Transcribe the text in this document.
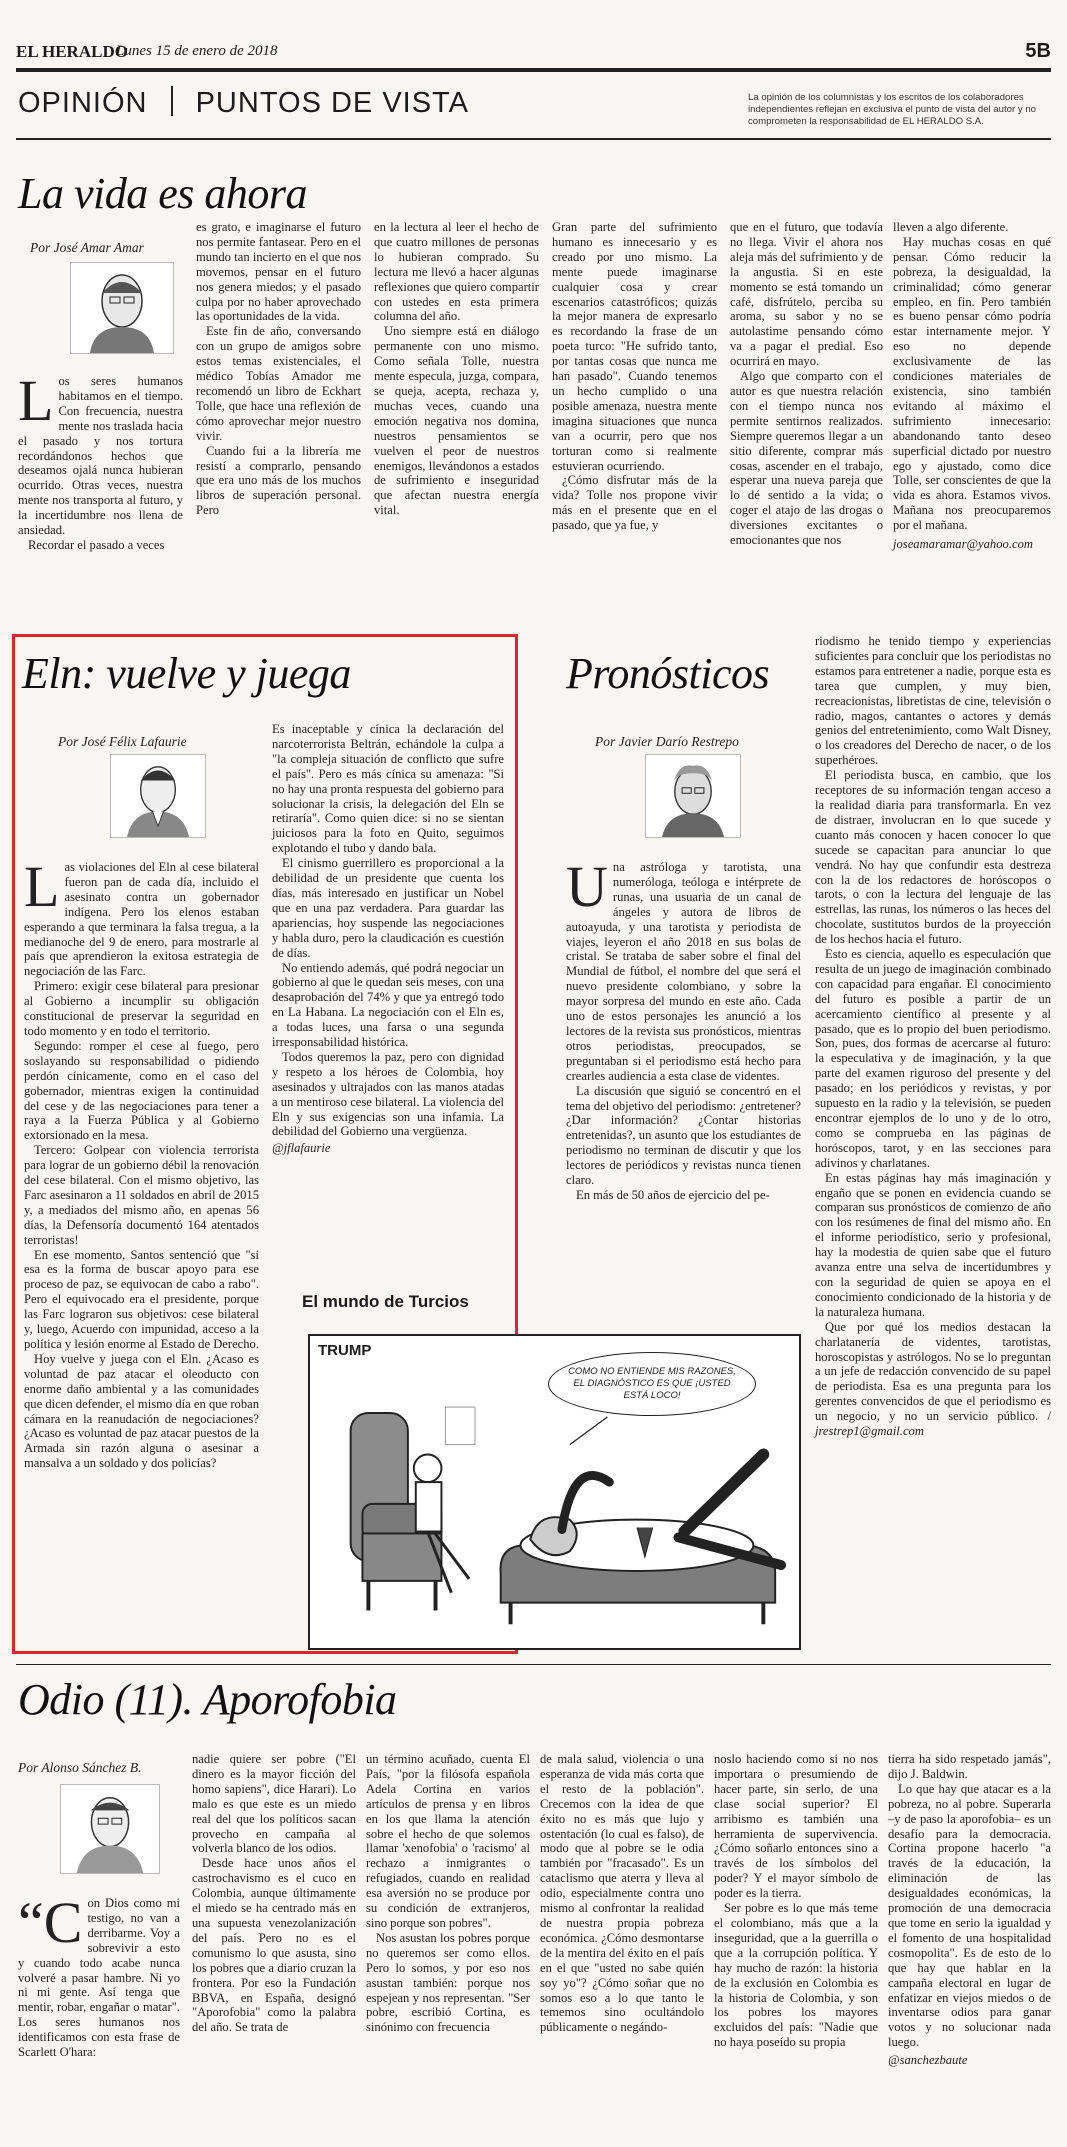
EL HERALDO
Lunes 15 de enero de 2018	5B
OPINIÓN PUNTOS DE VISTA	La opinión de los columnistas y los escritos de los colaboradores independientes reflejan en exclusiva el punto de vista del autor y no comprometen la responsabilidad de EL HERALDO S.A.
La vida es ahora
Por José Amar Amar

Los seres humanos habitamos en el tiempo. Con frecuencia, nuestra mente nos traslada hacia el pasado y nos tortura recordándonos hechos que deseamos ojalá nunca hubieran ocurrido. Otras veces, nuestra mente nos transporta al futuro, y la incertidumbre nos llena de ansiedad.

Recordar el pasado a veces

es grato, e imaginarse el futuro nos permite fantasear. Pero en el mundo tan incierto en el que nos movemos, pensar en el futuro nos genera miedos; y el pasado culpa por no haber aprovechado las oportunidades de la vida.

Este fin de año, conversando con un grupo de amigos sobre estos temas existenciales, el médico Tobías Amador me recomendó un libro de Eckhart Tolle, que hace una reflexión de cómo aprovechar mejor nuestro vivir.

Cuando fui a la librería me resistí a comprarlo, pensando que era uno más de los muchos libros de superación personal. Pero

en la lectura al leer el hecho de que cuatro millones de personas lo hubieran comprado. Su lectura me llevó a hacer algunas reflexiones que quiero compartir con ustedes en esta primera columna del año.

Uno siempre está en diálogo permanente con uno mismo. Como señala Tolle, nuestra mente especula, juzga, compara, se queja, acepta, rechaza y, muchas veces, cuando una emoción negativa nos domina, nuestros pensamientos se vuelven el peor de nuestros enemigos, llevándonos a estados de sufrimiento e inseguridad que afectan nuestra energía vital.

Gran parte del sufrimiento humano es innecesario y es creado por uno mismo. La mente puede imaginarse cualquier cosa y crear escenarios catastróficos; quizás la mejor manera de expresarlo es recordando la frase de un poeta turco: "He sufrido tanto, por tantas cosas que nunca me han pasado". Cuando tenemos un hecho cumplido o una posible amenaza, nuestra mente imagina situaciones que nunca van a ocurrir, pero que nos torturan como si realmente estuvieran ocurriendo.

¿Cómo disfrutar más de la vida? Tolle nos propone vivir más en el presente que en el pasado, que ya fue, y

que en el futuro, que todavía no llega. Vivir el ahora nos aleja más del sufrimiento y de la angustia. Si en este momento se está tomando un café, disfrútelo, perciba su aroma, su sabor y no se autolastime pensando cómo va a pagar el predial. Eso ocurrirá en mayo.

Algo que comparto con el autor es que nuestra relación con el tiempo nunca nos permite sentirnos realizados. Siempre queremos llegar a un sitio diferente, comprar más cosas, ascender en el trabajo, esperar una nueva pareja que lo dé sentido a la vida; o coger el atajo de las drogas o diversiones excitantes o emocionantes que nos

lleven a algo diferente.

Hay muchas cosas en qué pensar. Cómo reducir la pobreza, la desigualdad, la criminalidad; cómo generar empleo, en fin. Pero también es bueno pensar cómo podría estar internamente mejor. Y eso no depende exclusivamente de las condiciones materiales de existencia, sino también evitando al máximo el sufrimiento innecesario: abandonando tanto deseo superficial dictado por nuestro ego y ajustado, como dice Tolle, ser conscientes de que la vida es ahora. Estamos vivos. Mañana nos preocuparemos por el mañana.

joseamaramar@yahoo.com

Eln: vuelve y juega
Por José Félix Lafaurie

Las violaciones del Eln al cese bilateral fueron pan de cada día, incluido el asesinato contra un gobernador indígena. Pero los elenos estaban esperando a que terminara la falsa tregua, a la medianoche del 9 de enero, para mostrarle al país que aprendieron la exitosa estrategia de negociación de las Farc.

Primero: exigir cese bilateral para presionar al Gobierno a incumplir su obligación constitucional de preservar la seguridad en todo momento y en todo el territorio.

Segundo: romper el cese al fuego, pero soslayando su responsabilidad o pidiendo perdón cínicamente, como en el caso del gobernador, mientras exigen la continuidad del cese y de las negociaciones para tener a raya a la Fuerza Pública y al Gobierno extorsionado en la mesa.

Tercero: Golpear con violencia terrorista para lograr de un gobierno débil la renovación del cese bilateral. Con el mismo objetivo, las Farc asesinaron a 11 soldados en abril de 2015 y, a mediados del mismo año, en apenas 56 días, la Defensoría documentó 164 atentados terroristas!

En ese momento, Santos sentenció que "si esa es la forma de buscar apoyo para ese proceso de paz, se equivocan de cabo a rabo". Pero el equivocado era el presidente, porque las Farc lograron sus objetivos: cese bilateral y, luego, Acuerdo con impunidad, acceso a la política y lesión enorme al Estado de Derecho.

Hoy vuelve y juega con el Eln. ¿Acaso es voluntad de paz atacar el oleoducto con enorme daño ambiental y a las comunidades que dicen defender, el mismo día en que roban cámara en la reanudación de negociaciones? ¿Acaso es voluntad de paz atacar puestos de la Armada sin razón alguna o asesinar a mansalva a un soldado y dos policías?

Es inaceptable y cínica la declaración del narcoterrorista Beltrán, echándole la culpa a "la compleja situación de conflicto que sufre el país". Pero es más cínica su amenaza: "Si no hay una pronta respuesta del gobierno para solucionar la crisis, la delegación del Eln se retiraría". Como quien dice: si no se sientan juiciosos para la foto en Quito, seguimos explotando el tubo y dando bala.

El cinismo guerrillero es proporcional a la debilidad de un presidente que cuenta los días, más interesado en justificar un Nobel que en una paz verdadera. Para guardar las apariencias, hoy suspende las negociaciones y habla duro, pero la claudicación es cuestión de días.

No entiendo además, qué podrá negociar un gobierno al que le quedan seis meses, con una desaprobación del 74% y que ya entregó todo en La Habana. La negociación con el Eln es, a todas luces, una farsa o una segunda irresponsabilidad histórica.

Todos queremos la paz, pero con dignidad y respeto a los héroes de Colombia, hoy asesinados y ultrajados con las manos atadas a un mentiroso cese bilateral. La violencia del Eln y sus exigencias son una infamia. La debilidad del Gobierno una vergüenza.

@jflafaurie

Pronósticos
Por Javier Darío Restrepo

Una astróloga y tarotista, una numeróloga, teóloga e intérprete de runas, una usuaria de un canal de ángeles y autora de libros de autoayuda, y una tarotista y periodista de viajes, leyeron el año 2018 en sus bolas de cristal. Se trataba de saber sobre el final del Mundial de fútbol, el nombre del que será el nuevo presidente colombiano, y sobre la mayor sorpresa del mundo en este año. Cada uno de estos personajes les anunció a los lectores de la revista sus pronósticos, mientras otros periodistas, preocupados, se preguntaban si el periodismo está hecho para crearles audiencia a esta clase de videntes.

La discusión que siguió se concentró en el tema del objetivo del periodismo: ¿entretener? ¿Dar información? ¿Contar historias entretenidas?, un asunto que los estudiantes de periodismo no terminan de discutir y que los lectores de periódicos y revistas nunca tienen claro.

En más de 50 años de ejercicio del pe-

riodismo he tenido tiempo y experiencias suficientes para concluir que los periodistas no estamos para entretener a nadie, porque esta es tarea que cumplen, y muy bien, recreacionistas, libretistas de cine, televisión o radio, magos, cantantes o actores y demás genios del entretenimiento, como Walt Disney, o los creadores del Derecho de nacer, o de los superhéroes.

El periodista busca, en cambio, que los receptores de su información tengan acceso a la realidad diaria para transformarla. En vez de distraer, involucran en lo que sucede y cuanto más conocen y hacen conocer lo que sucede se capacitan para anunciar lo que vendrá. No hay que confundir esta destreza con la de los redactores de horóscopos o tarots, o con la lectura del lenguaje de las estrellas, las runas, los números o las heces del chocolate, sustitutos burdos de la proyección de los hechos hacia el futuro.

Esto es ciencia, aquello es especulación que resulta de un juego de imaginación combinado con capacidad para engañar. El conocimiento del futuro es posible a partir de un acercamiento científico al presente y al pasado, que es lo propio del buen periodismo. Son, pues, dos formas de acercarse al futuro: la especulativa y de imaginación, y la que parte del examen riguroso del presente y del pasado; en los periódicos y revistas, y por supuesto en la radio y la televisión, se pueden encontrar ejemplos de lo uno y de lo otro, como se comprueba en las páginas de horóscopos, tarot, y en las secciones para adivinos y charlatanes.

En estas páginas hay más imaginación y engaño que se ponen en evidencia cuando se comparan sus pronósticos de comienzo de año con los resúmenes de final del mismo año. En el informe periodístico, serio y profesional, hay la modestia de quien sabe que el futuro avanza entre una selva de incertidumbres y con la seguridad de quien se apoya en el conocimiento condicionado de la historia y de la naturaleza humana.

Que por qué los medios destacan la charlatanería de videntes, tarotistas, horoscopistas y astrólogos. No se lo preguntan a un jefe de redacción convencido de su papel de periodista. Esa es una pregunta para los gerentes convencidos de que el periodismo es un negocio, y no un servicio público. / jrestrep1@gmail.com

El mundo de Turcios
TRUMP
COMO NO ENTIENDE MIS RAZONES, EL DIAGNÓSTICO ES QUE ¡USTED ESTÁ LOCO!
Odio (11). Aporofobia
Por Alonso Sánchez B.

“Con Dios como mi testigo, no van a derribarme. Voy a sobrevivir a esto y cuando todo acabe nunca volveré a pasar hambre. Ni yo ni mi gente. Así tenga que mentir, robar, engañar o matar". Los seres humanos nos identificamos con esta frase de Scarlett O'hara:

nadie quiere ser pobre ("El dinero es la mayor ficción del homo sapiens", dice Harari). Lo malo es que este es un miedo real del que los políticos sacan provecho en campaña al volverla blanco de los odios.

Desde hace unos años el castrochavismo es el cuco en Colombia, aunque últimamente el miedo se ha centrado más en una supuesta venezolanización del país. Pero no es el comunismo lo que asusta, sino los pobres que a diario cruzan la frontera. Por eso la Fundación BBVA, en España, designó "Aporofobia" como la palabra del año. Se trata de

un término acuñado, cuenta El País, "por la filósofa española Adela Cortina en varios artículos de prensa y en libros en los que llama la atención sobre el hecho de que solemos llamar 'xenofobia' o 'racismo' al rechazo a inmigrantes o refugiados, cuando en realidad esa aversión no se produce por su condición de extranjeros, sino porque son pobres".

Nos asustan los pobres porque no queremos ser como ellos. Pero lo somos, y por eso nos asustan también: porque nos espejean y nos representan. "Ser pobre, escribió Cortina, es sinónimo con frecuencia

de mala salud, violencia o una esperanza de vida más corta que el resto de la población". Crecemos con la idea de que éxito no es más que lujo y ostentación (lo cual es falso), de modo que al pobre se le odia también por "fracasado". Es un cataclismo que aterra y lleva al odio, especialmente contra uno mismo al confrontar la realidad de nuestra propia pobreza económica. ¿Cómo desmontarse de la mentira del éxito en el país en el que "usted no sabe quién soy yo"? ¿Cómo soñar que no somos eso a lo que tanto le tememos sino ocultándolo públicamente o negándo-

noslo haciendo como si no nos importara o presumiendo de hacer parte, sin serlo, de una clase social superior? El arribismo es también una herramienta de supervivencia. ¿Cómo soñarlo entonces sino a través de los símbolos del poder? Y el mayor símbolo de poder es la tierra.

Ser pobre es lo que más teme el colombiano, más que a la inseguridad, que a la guerrilla o que a la corrupción política. Y hay mucho de razón: la historia de la exclusión en Colombia es la historia de Colombia, y son los pobres los mayores excluidos del país: "Nadie que no haya poseído su propia

tierra ha sido respetado jamás", dijo J. Baldwin.

Lo que hay que atacar es a la pobreza, no al pobre. Superarla –y de paso la aporofobia– es un desafío para la democracia. Cortina propone hacerlo "a través de la educación, la eliminación de las desigualdades económicas, la promoción de una democracia que tome en serio la igualdad y el fomento de una hospitalidad cosmopolita". Es de esto de lo que hay que hablar en la campaña electoral en lugar de enfatizar en viejos miedos o de inventarse odios para ganar votos y no solucionar nada luego.

@sanchezbaute
